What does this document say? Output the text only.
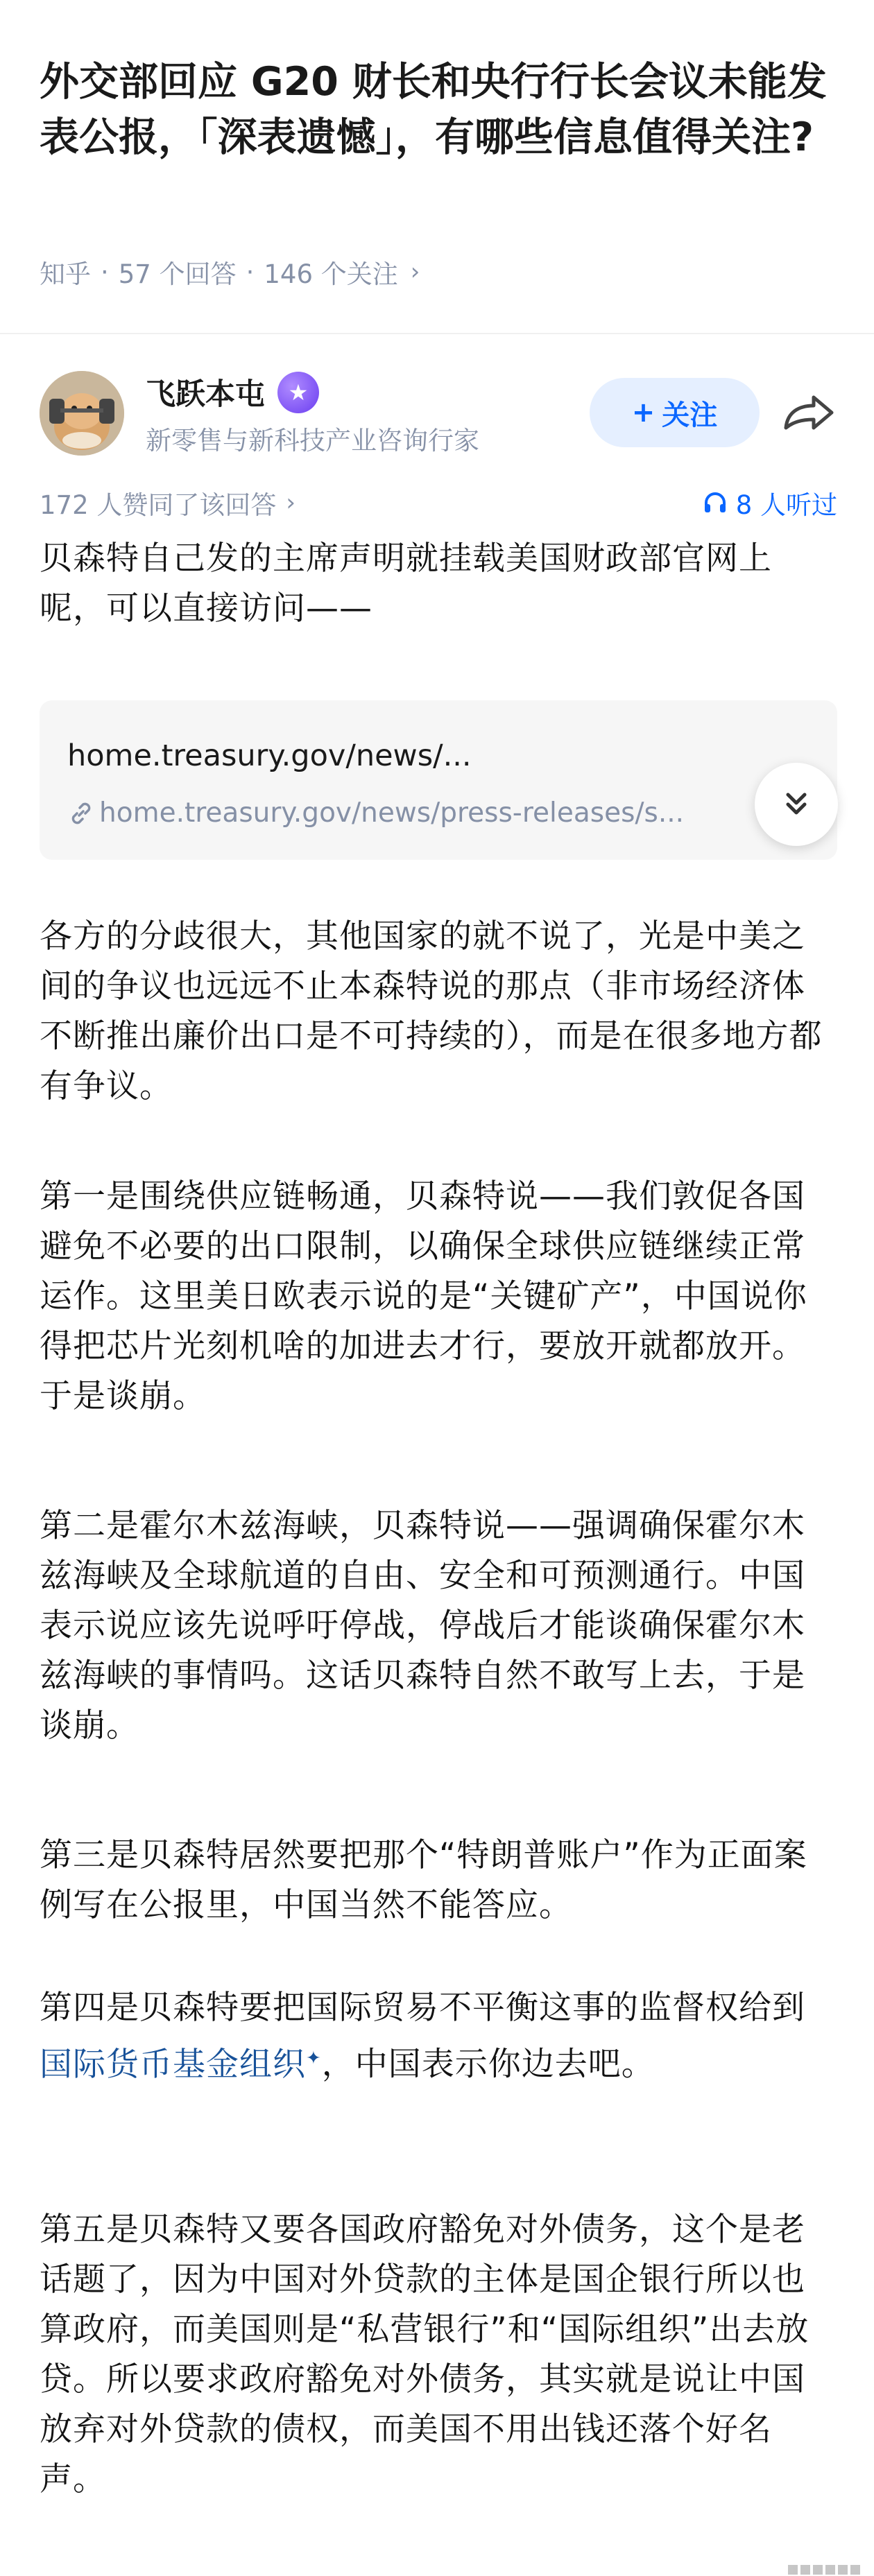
外交部回应 G20 财长和央行行长会议未能发表公报，「深表遗憾」，有哪些信息值得关注?
知乎 · 57 个回答 · 146 个关注 ›
飞跃本屯	★
新零售与新科技产业咨询行家
+ 关注
172 人赞同了该回答 ›	8 人听过

贝森特自己发的主席声明就挂载美国财政部官网上呢，可以直接访问——

home.treasury.gov/news/...
home.treasury.gov/news/press-releases/s...

各方的分歧很大，其他国家的就不说了，光是中美之间的争议也远远不止本森特说的那点（非市场经济体不断推出廉价出口是不可持续的），而是在很多地方都有争议。

第一是围绕供应链畅通，贝森特说——我们敦促各国避免不必要的出口限制，以确保全球供应链继续正常运作。这里美日欧表示说的是“关键矿产”，中国说你得把芯片光刻机啥的加进去才行，要放开就都放开。于是谈崩。

第二是霍尔木兹海峡，贝森特说——强调确保霍尔木兹海峡及全球航道的自由、安全和可预测通行。中国表示说应该先说呼吁停战，停战后才能谈确保霍尔木兹海峡的事情吗。这话贝森特自然不敢写上去，于是谈崩。

第三是贝森特居然要把那个“特朗普账户”作为正面案例写在公报里，中国当然不能答应。

第四是贝森特要把国际贸易不平衡这事的监督权给到国际货币基金组织✦，中国表示你边去吧。

第五是贝森特又要各国政府豁免对外债务，这个是老话题了，因为中国对外贷款的主体是国企银行所以也算政府，而美国则是“私营银行”和“国际组织”出去放贷。所以要求政府豁免对外债务，其实就是说让中国放弃对外贷款的债权，而美国不用出钱还落个好名声。
